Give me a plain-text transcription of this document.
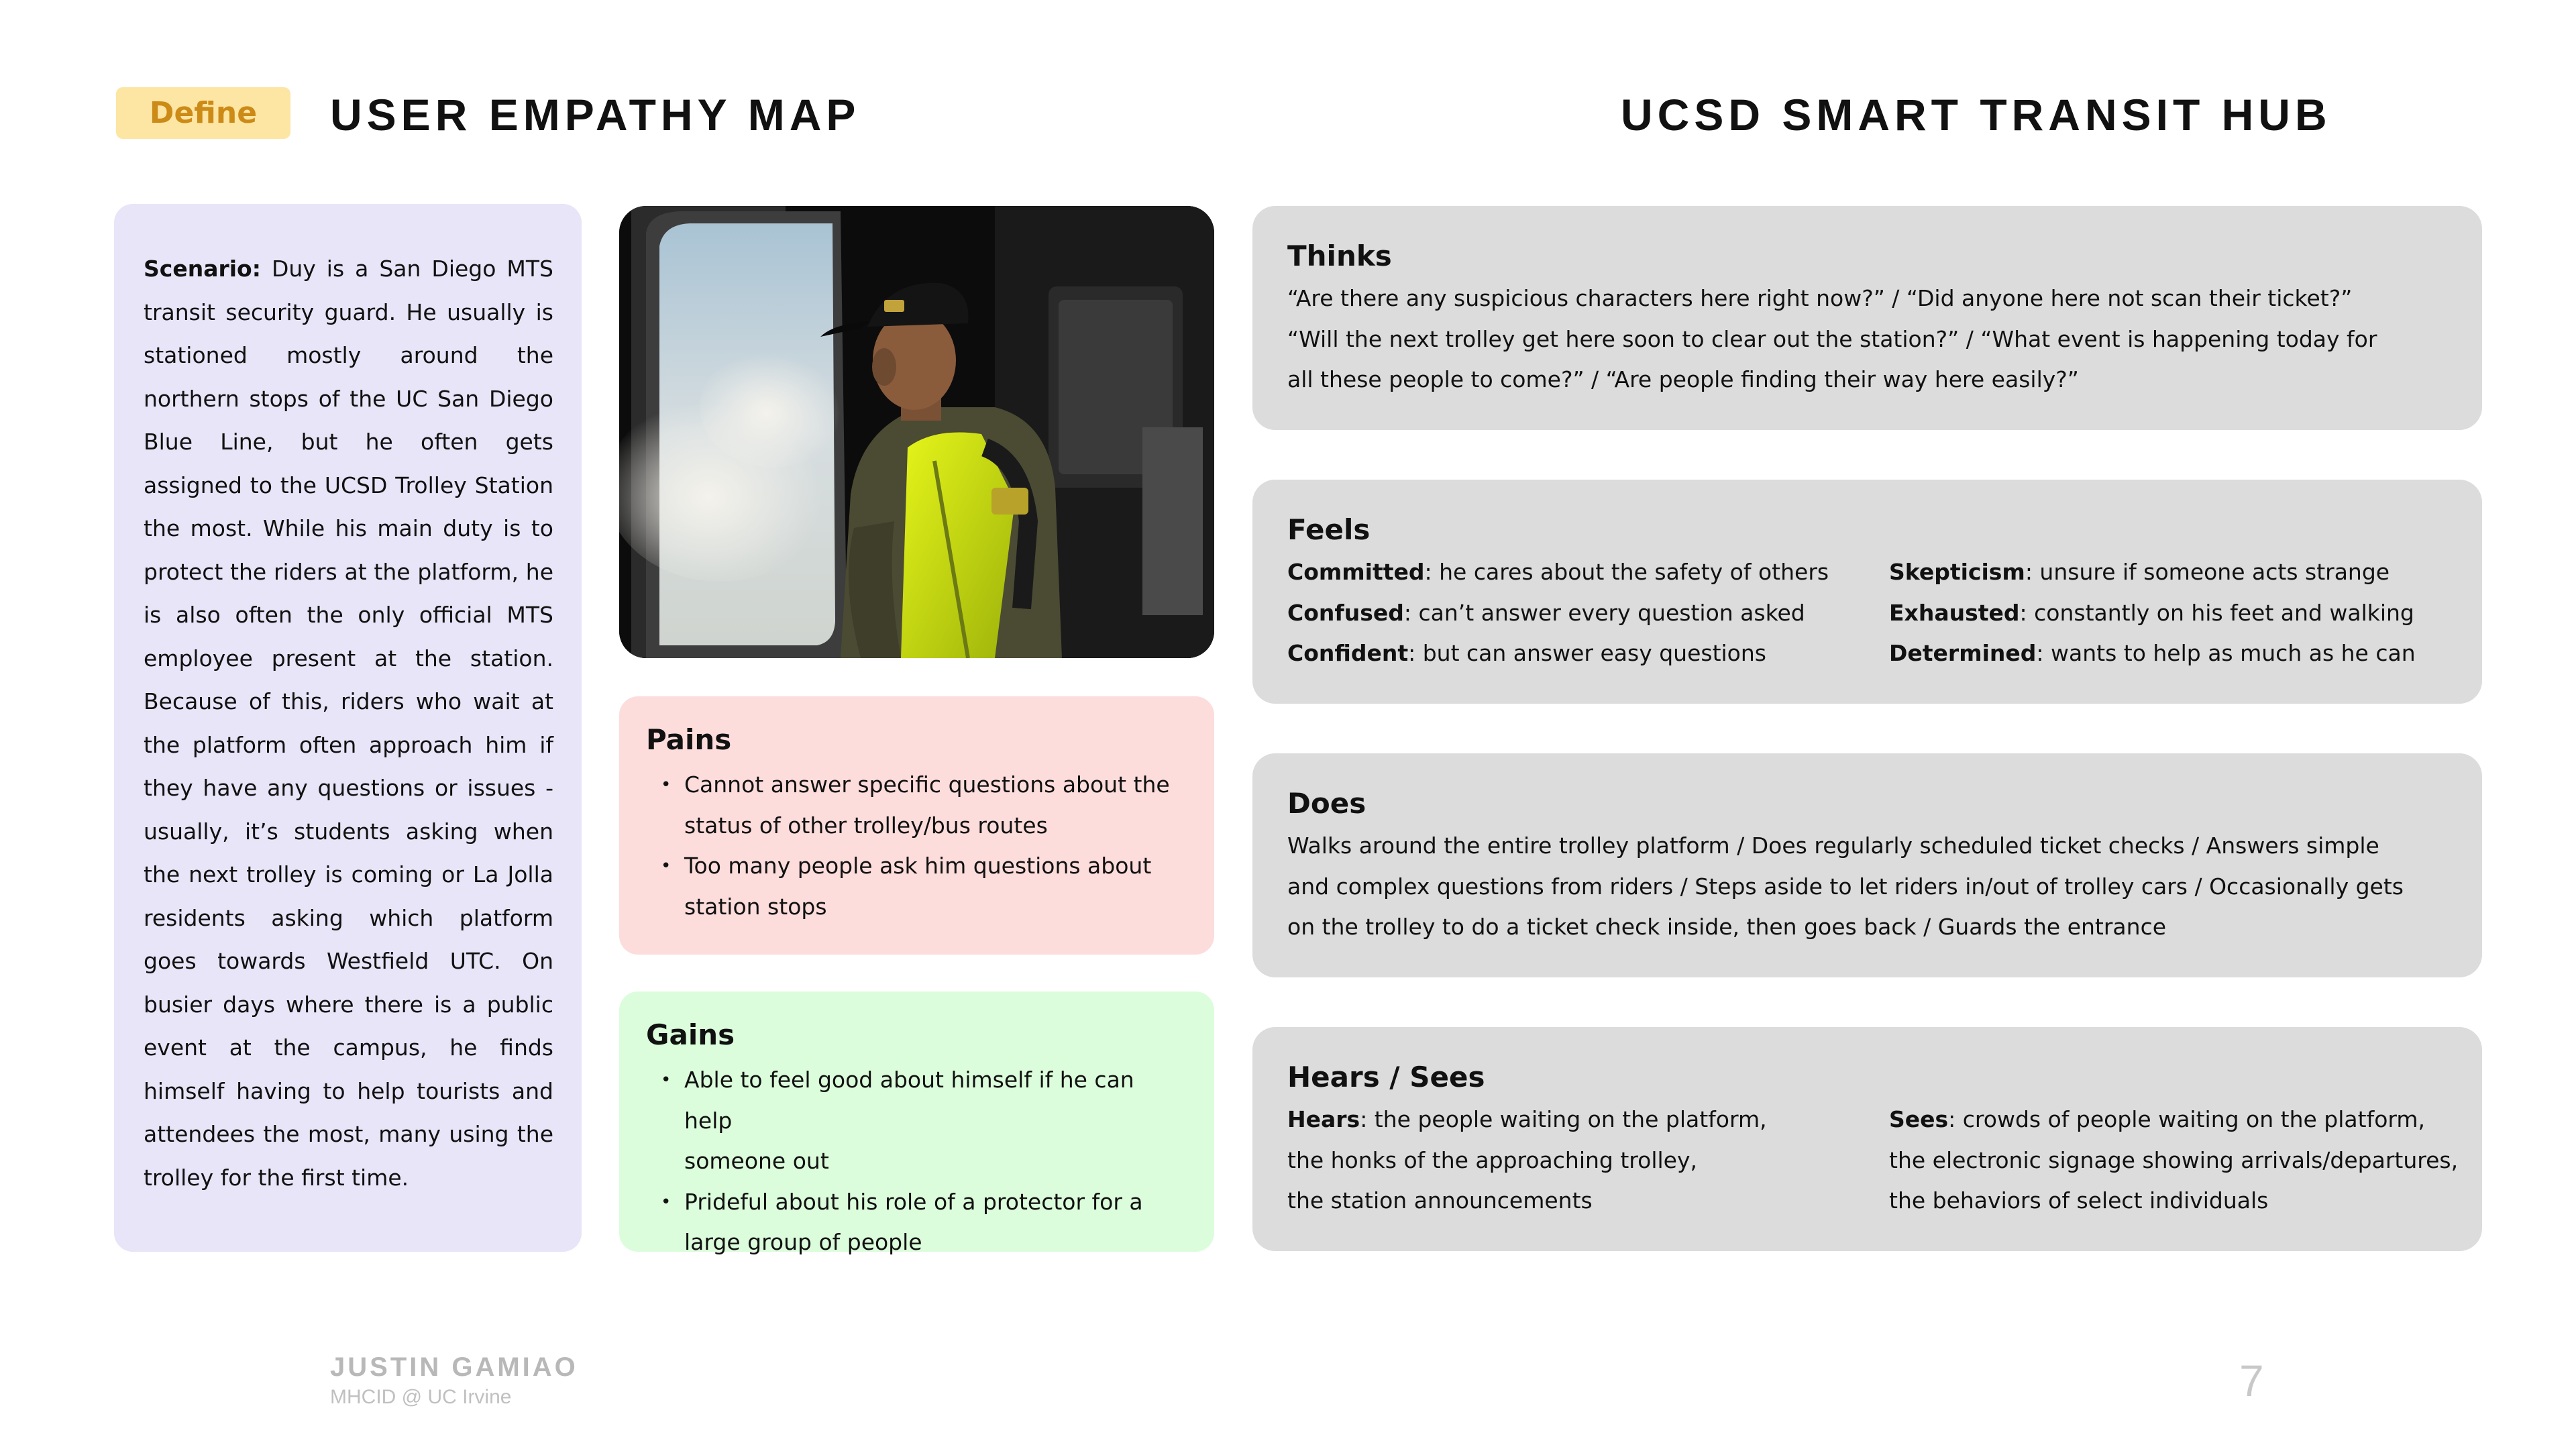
Define	USER EMPATHY MAP	UCSD SMART TRANSIT HUB

Scenario: Duy is a San Diego MTS transit security guard. He usually is stationed mostly around the northern stops of the UC San Diego Blue Line, but he often gets assigned to the UCSD Trolley Station the most. While his main duty is to protect the riders at the platform, he is also often the only official MTS employee present at the station. Because of this, riders who wait at the platform often approach him if they have any questions or issues - usually, it’s students asking when the next trolley is coming or La Jolla residents asking which platform goes towards Westfield UTC. On busier days where there is a public event at the campus, he finds himself having to help tourists and attendees the most, many using the trolley for the first time.

Pains
• Cannot answer specific questions about the
status of other trolley/bus routes
• Too many people ask him questions about
station stops
Gains
• Able to feel good about himself if he can help
someone out
• Prideful about his role of a protector for a
large group of people
Thinks
“Are there any suspicious characters here right now?” / “Did anyone here not scan their ticket?”
“Will the next trolley get here soon to clear out the station?” / “What event is happening today for
all these people to come?” / “Are people finding their way here easily?”
Feels
Committed: he cares about the safety of others
Confused: can’t answer every question asked
Confident: but can answer easy questions
Skepticism: unsure if someone acts strange
Exhausted: constantly on his feet and walking
Determined: wants to help as much as he can
Does
Walks around the entire trolley platform / Does regularly scheduled ticket checks / Answers simple
and complex questions from riders / Steps aside to let riders in/out of trolley cars / Occasionally gets
on the trolley to do a ticket check inside, then goes back / Guards the entrance
Hears / Sees
Hears: the people waiting on the platform,
the honks of the approaching trolley,
the station announcements
Sees: crowds of people waiting on the platform,
the electronic signage showing arrivals/departures,
the behaviors of select individuals
JUSTIN GAMIAO
MHCID @ UC Irvine	7
